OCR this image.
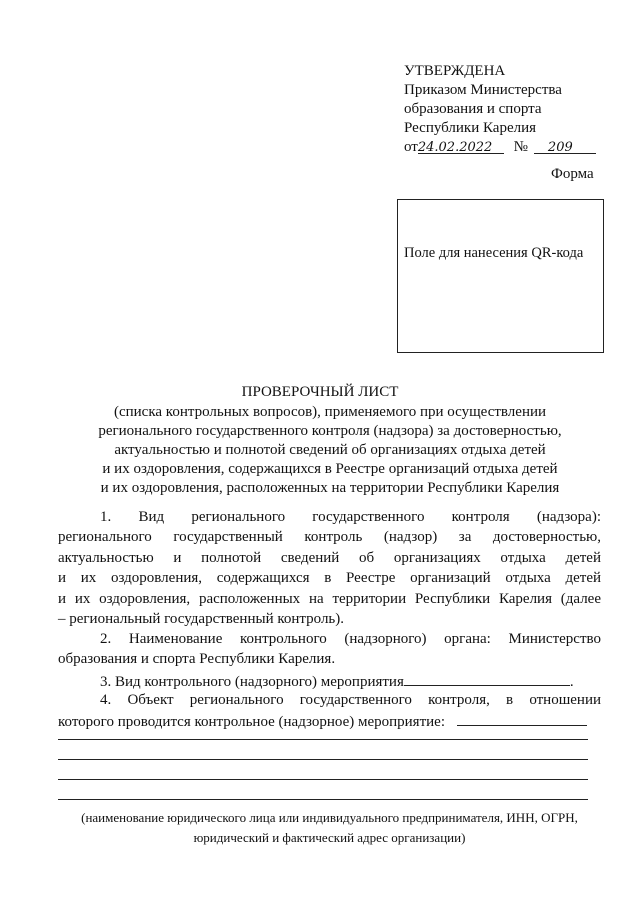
УТВЕРЖДЕНА
Приказом Министерства
образования и спорта
Республики Карелия
от24.02.2022 № 209
Форма
Поле для нанесения QR-кода
ПРОВЕРОЧНЫЙ ЛИСТ
(списка контрольных вопросов), применяемого при осуществлении
регионального государственного контроля (надзора) за достоверностью,
актуальностью и полнотой сведений об организациях отдыха детей
и их оздоровления, содержащихся в Реестре организаций отдыха детей
и их оздоровления, расположенных на территории Республики Карелия
1. Вид регионального государственного контроля (надзора):
регионального государственный контроль (надзор) за достоверностью,
актуальностью и полнотой сведений об организациях отдыха детей
и их оздоровления, содержащихся в Реестре организаций отдыха детей
и их оздоровления, расположенных на территории Республики Карелия (далее
– региональный государственный контроль).
2. Наименование контрольного (надзорного) органа: Министерство
образования и спорта Республики Карелия.
3. Вид контрольного (надзорного) мероприятия	.
4. Объект регионального государственного контроля, в отношении
которого проводится контрольное (надзорное) мероприятие:
(наименование юридического лица или индивидуального предпринимателя, ИНН, ОГРН,
юридический и фактический адрес организации)
